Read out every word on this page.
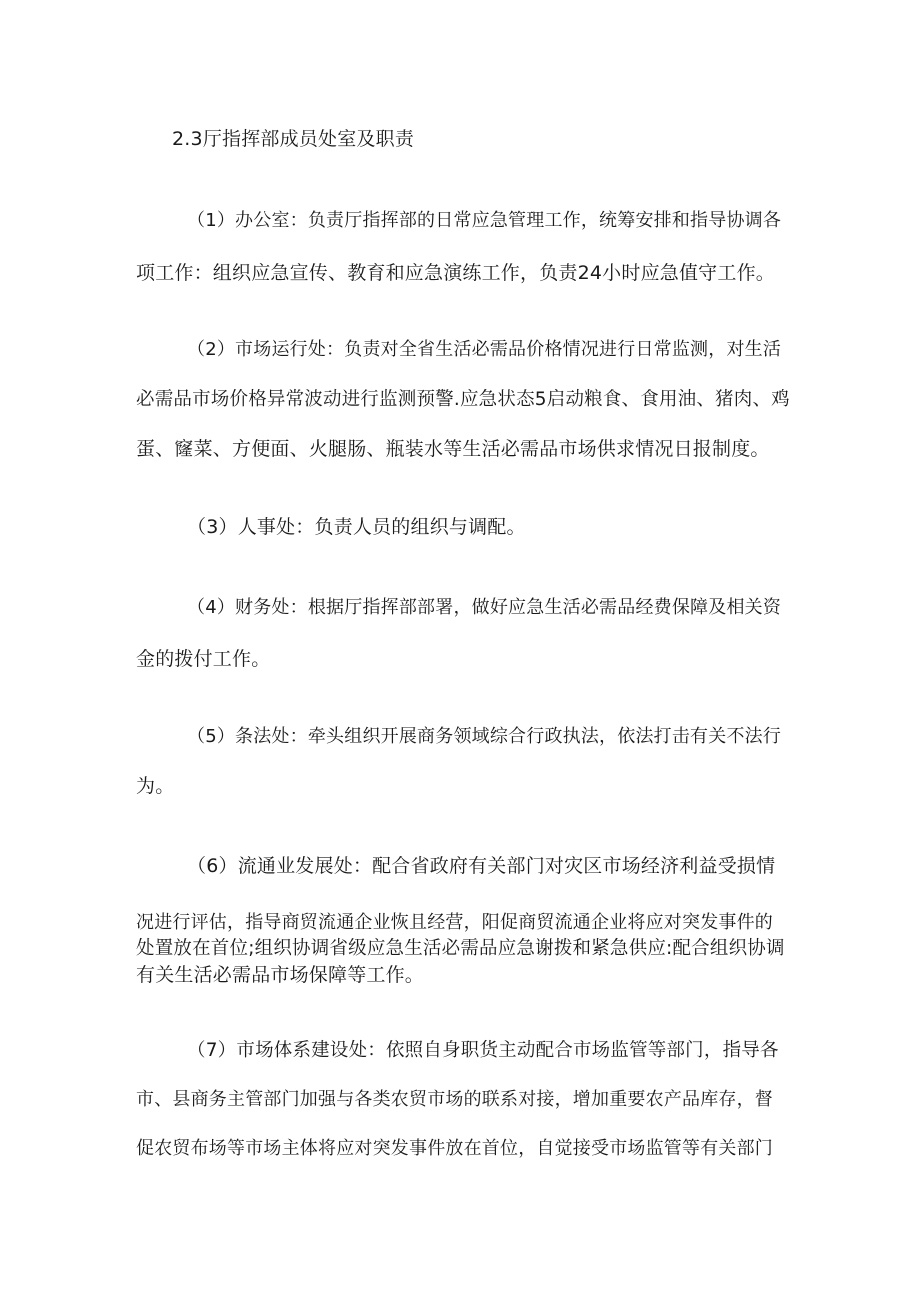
2.3厅指挥部成员处室及职责

（1）办公室：负责厅指挥部的日常应急管理工作，统筹安排和指导协调各

项工作：组织应急宣传、教育和应急演练工作，负责24小时应急值守工作。

（2）市场运行处：负责对全省生活必需品价格情况进行日常监测，对生活

必需品市场价格异常波动进行监测预警.应急状态5启动粮食、食用油、猪肉、鸡

蛋、窿菜、方便面、火腿肠、瓶装水等生活必需品市场供求情况日报制度。

（3）人事处：负责人员的组织与调配。

（4）财务处：根据厅指挥部部署，做好应急生活必需品经费保障及相关资

金的拨付工作。

（5）条法处：牵头组织开展商务领域综合行政执法，依法打击有关不法行

为。

（6）流通业发展处：配合省政府有关部门对灾区市场经济利益受损情

况进行评估，指导商贸流通企业恢且经营，阳促商贸流通企业将应对突发事件的

处置放在首位;组织协调省级应急生活必需品应急谢拨和紧急供应:配合组织协调

有关生活必需品市场保障等工作。

（7）市场体系建设处：依照自身职货主动配合市场监管等部门，指导各

市、县商务主管部门加强与各类农贸市场的联系对接，增加重要农产品库存，督

促农贸布场等市场主体将应对突发事件放在首位，自觉接受市场监管等有关部门
